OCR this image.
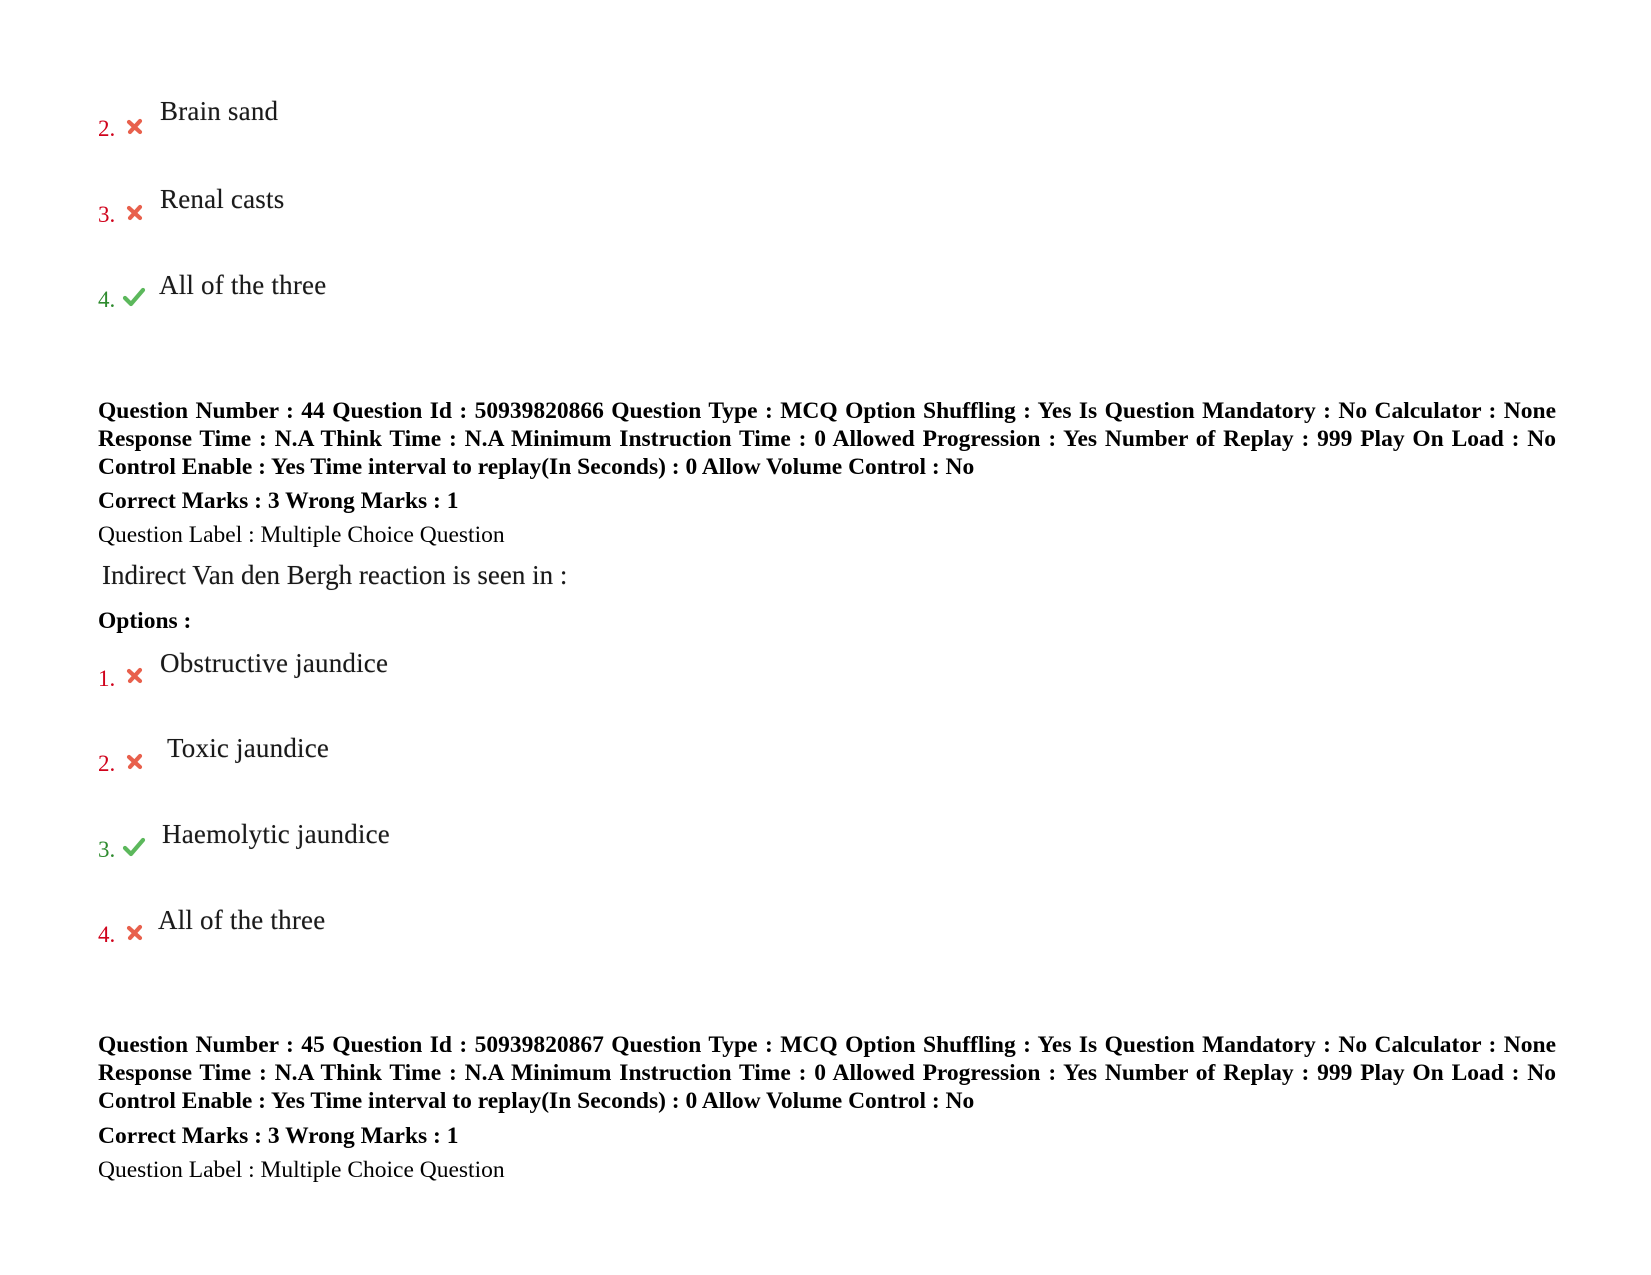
2.
Brain sand
3.
Renal casts
4. All of the three
Question Number : 44 Question Id : 50939820866 Question Type : MCQ Option Shuffling : Yes Is Question Mandatory : No Calculator : None Response Time : N.A Think Time : N.A Minimum Instruction Time : 0 Allowed Progression : Yes Number of Replay : 999 Play On Load : No Control Enable : Yes Time interval to replay(In Seconds) : 0 Allow Volume Control : No
Correct Marks : 3 Wrong Marks : 1
Question Label : Multiple Choice Question
Indirect Van den Bergh reaction is seen in :
Options :
1.
Obstructive jaundice
2.
Toxic jaundice
3.
Haemolytic jaundice
4. All of the three
Question Number : 45 Question Id : 50939820867 Question Type : MCQ Option Shuffling : Yes Is Question Mandatory : No Calculator : None Response Time : N.A Think Time : N.A Minimum Instruction Time : 0 Allowed Progression : Yes Number of Replay : 999 Play On Load : No Control Enable : Yes Time interval to replay(In Seconds) : 0 Allow Volume Control : No
Correct Marks : 3 Wrong Marks : 1
Question Label : Multiple Choice Question
